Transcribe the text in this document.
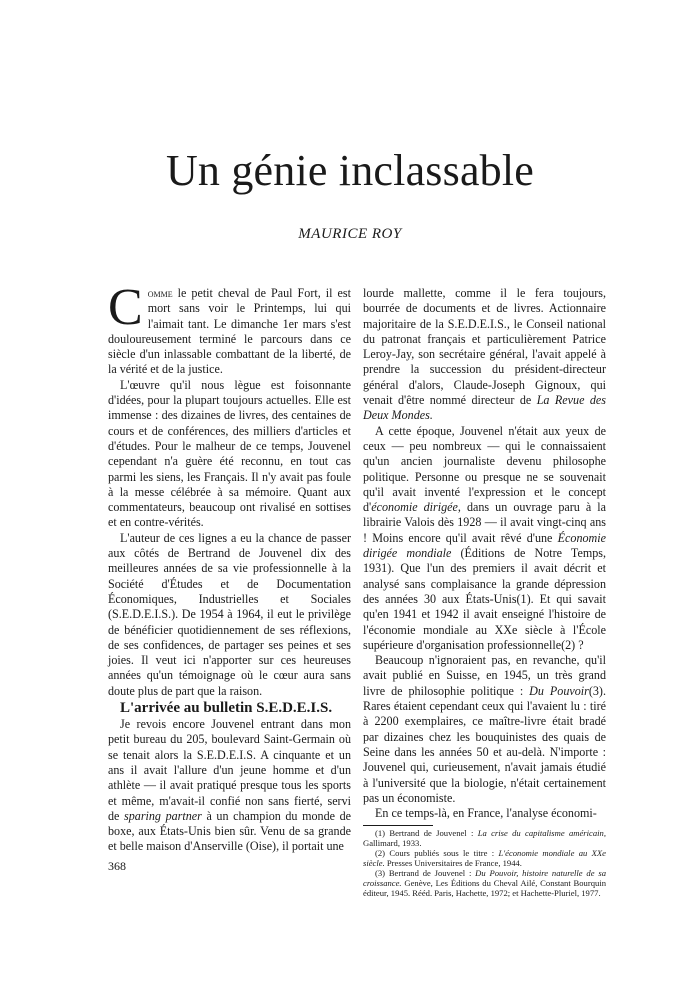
Un génie inclassable
MAURICE ROY

Comme le petit cheval de Paul Fort, il est mort sans voir le Printemps, lui qui l'aimait tant. Le dimanche 1er mars s'est douloureusement terminé le parcours dans ce siècle d'un inlassable combattant de la liberté, de la vérité et de la justice.

L'œuvre qu'il nous lègue est foisonnante d'idées, pour la plupart toujours actuelles. Elle est immense : des dizaines de livres, des centaines de cours et de conférences, des milliers d'articles et d'études. Pour le malheur de ce temps, Jouvenel cependant n'a guère été reconnu, en tout cas parmi les siens, les Français. Il n'y avait pas foule à la messe célébrée à sa mémoire. Quant aux commentateurs, beaucoup ont rivalisé en sottises et en contre-vérités.

L'auteur de ces lignes a eu la chance de passer aux côtés de Bertrand de Jouvenel dix des meilleures années de sa vie professionnelle à la Société d'Études et de Documentation Économiques, Industrielles et Sociales (S.E.D.E.I.S.). De 1954 à 1964, il eut le privilège de bénéficier quotidiennement de ses réflexions, de ses confidences, de partager ses peines et ses joies. Il veut ici n'apporter sur ces heureuses années qu'un témoignage où le cœur aura sans doute plus de part que la raison.

L'arrivée au bulletin S.E.D.E.I.S.

Je revois encore Jouvenel entrant dans mon petit bureau du 205, boulevard Saint-Germain où se tenait alors la S.E.D.E.I.S. A cinquante et un ans il avait l'allure d'un jeune homme et d'un athlète — il avait pratiqué presque tous les sports et même, m'avait-il confié non sans fierté, servi de sparing partner à un champion du monde de boxe, aux États-Unis bien sûr. Venu de sa grande et belle maison d'Anserville (Oise), il portait une

lourde mallette, comme il le fera toujours, bourrée de documents et de livres. Actionnaire majoritaire de la S.E.D.E.I.S., le Conseil national du patronat français et particulièrement Patrice Leroy-Jay, son secrétaire général, l'avait appelé à prendre la succession du président-directeur général d'alors, Claude-Joseph Gignoux, qui venait d'être nommé directeur de La Revue des Deux Mondes.

A cette époque, Jouvenel n'était aux yeux de ceux — peu nombreux — qui le connaissaient qu'un ancien journaliste devenu philosophe politique. Personne ou presque ne se souvenait qu'il avait inventé l'expression et le concept d'économie dirigée, dans un ouvrage paru à la librairie Valois dès 1928 — il avait vingt-cinq ans ! Moins encore qu'il avait rêvé d'une Économie dirigée mondiale (Éditions de Notre Temps, 1931). Que l'un des premiers il avait décrit et analysé sans complaisance la grande dépression des années 30 aux États-Unis(1). Et qui savait qu'en 1941 et 1942 il avait enseigné l'histoire de l'économie mondiale au XXe siècle à l'École supérieure d'organisation professionnelle(2) ?

Beaucoup n'ignoraient pas, en revanche, qu'il avait publié en Suisse, en 1945, un très grand livre de philosophie politique : Du Pouvoir(3). Rares étaient cependant ceux qui l'avaient lu : tiré à 2200 exemplaires, ce maître-livre était bradé par dizaines chez les bouquinistes des quais de Seine dans les années 50 et au-delà. N'importe : Jouvenel qui, curieusement, n'avait jamais étudié à l'université que la biologie, n'était certainement pas un économiste.

En ce temps-là, en France, l'analyse économi-

(1) Bertrand de Jouvenel : La crise du capitalisme américain, Gallimard, 1933.

(2) Cours publiés sous le titre : L'économie mondiale au XXe siècle. Presses Universitaires de France, 1944.

(3) Bertrand de Jouvenel : Du Pouvoir, histoire naturelle de sa croissance. Genève, Les Éditions du Cheval Ailé, Constant Bourquin éditeur, 1945. Rééd. Paris, Hachette, 1972; et Hachette-Pluriel, 1977.

368
